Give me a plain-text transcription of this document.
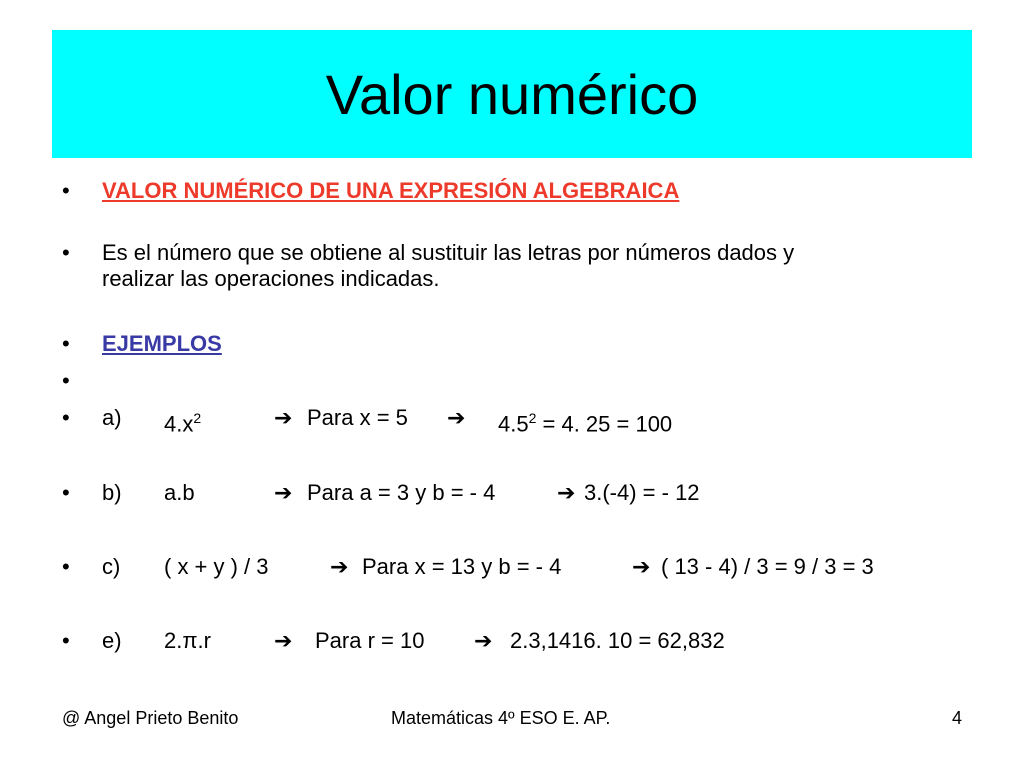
Valor numérico
• VALOR NUMÉRICO DE UNA EXPRESIÓN ALGEBRAICA
• Es el número que se obtiene al sustituir las letras por números dados y
realizar las operaciones indicadas.
• EJEMPLOS
•
• a) $4.x^2$	➔ Para x = 5 ➔ $4.5^2 = 4$. 25 = 100
• b) a.b	➔ Para a = 3 y b = - 4	➔ 3.(-4) = - 12
• c) ( x + y ) / 3	➔ Para x = 13 y b = - 4	➔ ( 13 - 4) / 3 = 9 / 3 = 3
• e) 2.π.r	➔ Para r = 10 ➔ 2.3,1416. 10 = 62,832
@ Angel Prieto Benito	Matemáticas 4º ESO E. AP.	4
